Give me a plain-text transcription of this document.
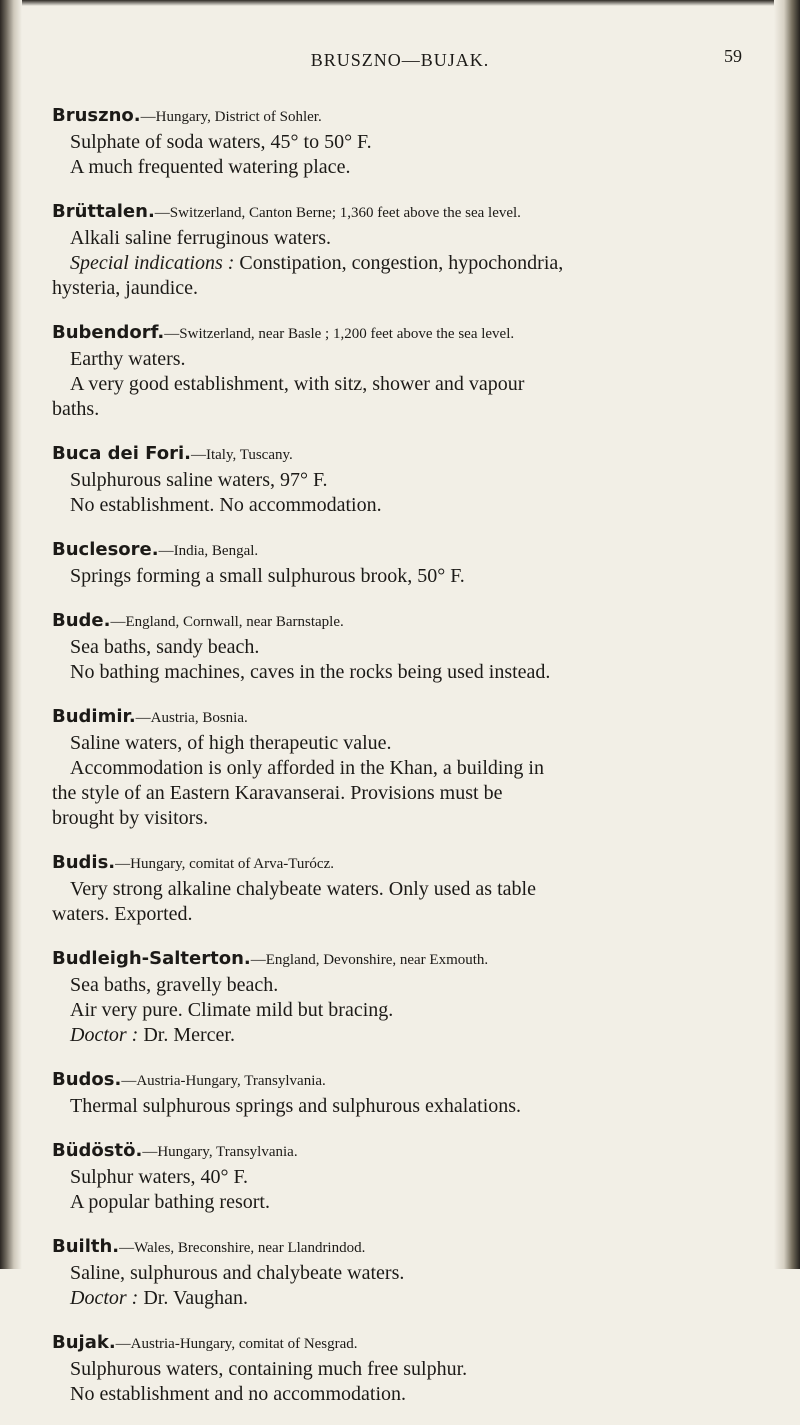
BRUSZNO—BUJAK.	59
Bruszno.—Hungary, District of Sohler.
Sulphate of soda waters, 45° to 50° F.
A much frequented watering place.
Brüttalen.—Switzerland, Canton Berne; 1,360 feet above the sea level.
Alkali saline ferruginous waters.
Special indications : Constipation, congestion, hypochondria,
hysteria, jaundice.
Bubendorf.—Switzerland, near Basle ; 1,200 feet above the sea level.
Earthy waters.
A very good establishment, with sitz, shower and vapour
baths.
Buca dei Fori.—Italy, Tuscany.
Sulphurous saline waters, 97° F.
No establishment. No accommodation.
Buclesore.—India, Bengal.
Springs forming a small sulphurous brook, 50° F.
Bude.—England, Cornwall, near Barnstaple.
Sea baths, sandy beach.
No bathing machines, caves in the rocks being used instead.
Budimir.—Austria, Bosnia.
Saline waters, of high therapeutic value.
Accommodation is only afforded in the Khan, a building in
the style of an Eastern Karavanserai. Provisions must be
brought by visitors.
Budis.—Hungary, comitat of Arva-Turócz.
Very strong alkaline chalybeate waters. Only used as table
waters. Exported.
Budleigh-Salterton.—England, Devonshire, near Exmouth.
Sea baths, gravelly beach.
Air very pure. Climate mild but bracing.
Doctor : Dr. Mercer.
Budos.—Austria-Hungary, Transylvania.
Thermal sulphurous springs and sulphurous exhalations.
Büdöstö.—Hungary, Transylvania.
Sulphur waters, 40° F.
A popular bathing resort.
Builth.—Wales, Breconshire, near Llandrindod.
Saline, sulphurous and chalybeate waters.
Doctor : Dr. Vaughan.
Bujak.—Austria-Hungary, comitat of Nesgrad.
Sulphurous waters, containing much free sulphur.
No establishment and no accommodation.
